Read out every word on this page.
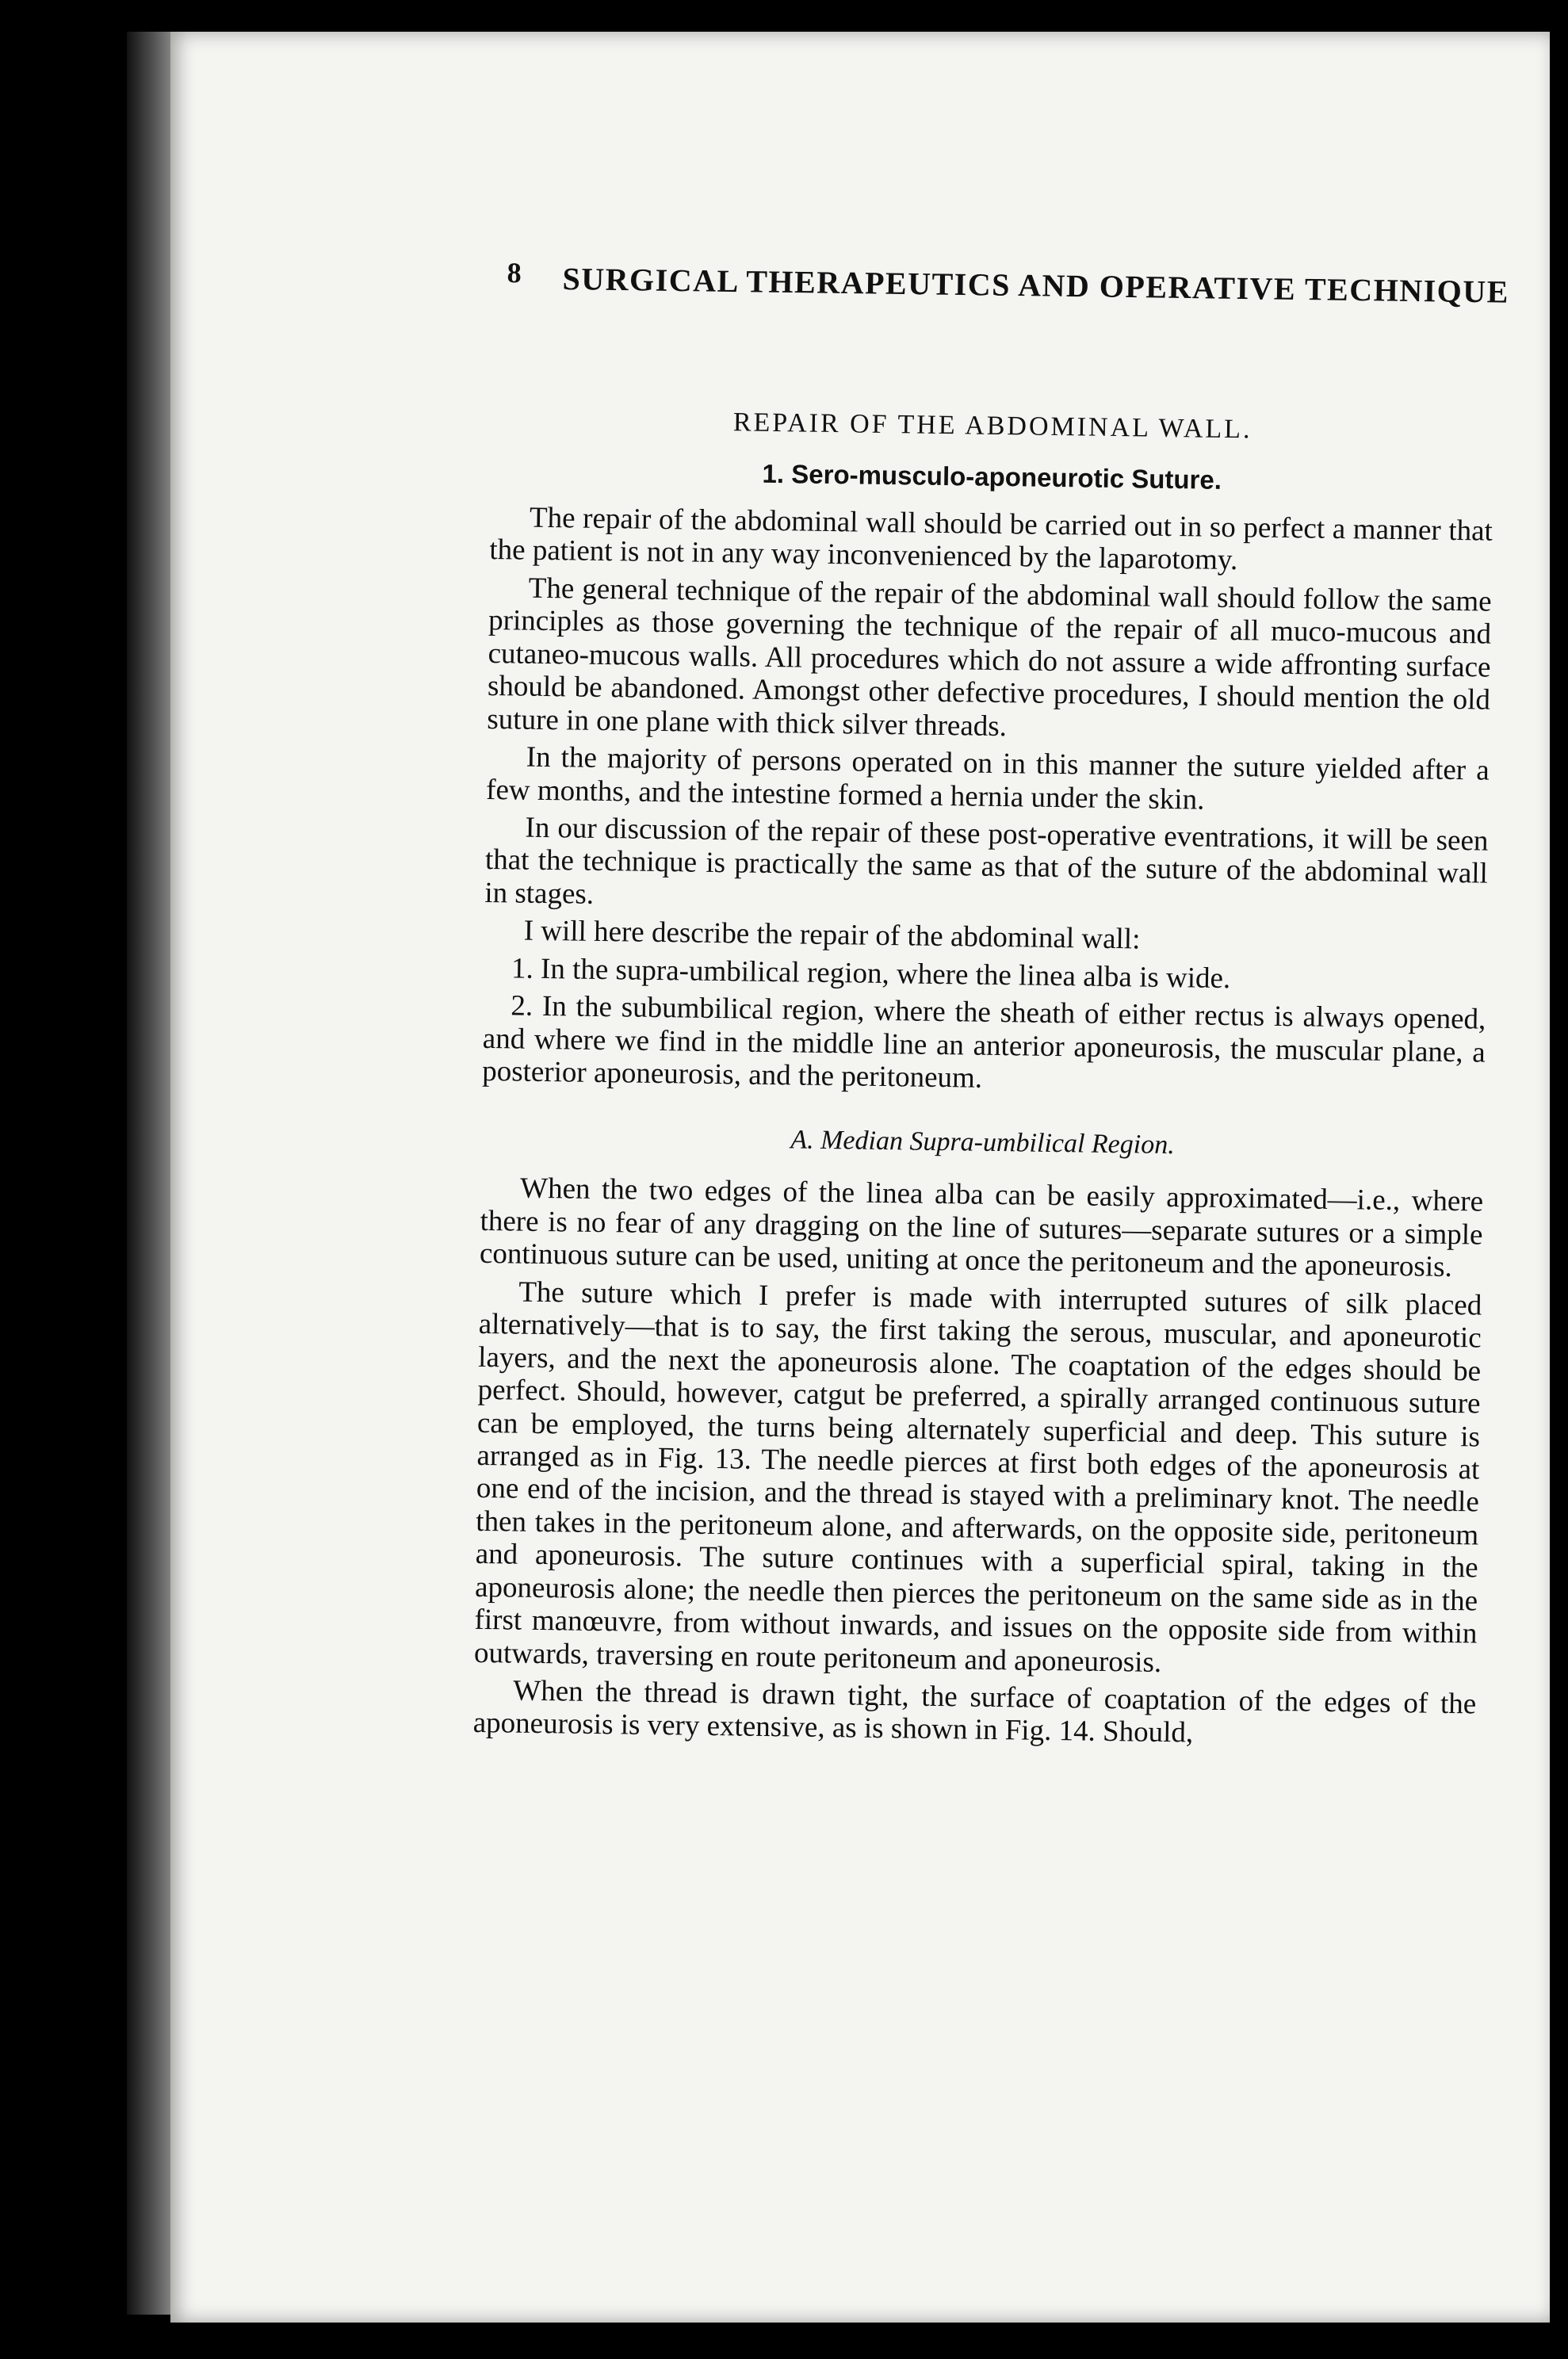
8 SURGICAL THERAPEUTICS AND OPERATIVE TECHNIQUE
REPAIR OF THE ABDOMINAL WALL.
1. Sero-musculo-aponeurotic Suture.

The repair of the abdominal wall should be carried out in so perfect a manner that the patient is not in any way inconvenienced by the laparotomy.

The general technique of the repair of the abdominal wall should follow the same principles as those governing the technique of the repair of all muco-mucous and cutaneo-mucous walls. All procedures which do not assure a wide affronting surface should be abandoned. Amongst other defective procedures, I should mention the old suture in one plane with thick silver threads.

In the majority of persons operated on in this manner the suture yielded after a few months, and the intestine formed a hernia under the skin.

In our discussion of the repair of these post-operative eventrations, it will be seen that the technique is practically the same as that of the suture of the abdominal wall in stages.

I will here describe the repair of the abdominal wall:

1. In the supra-umbilical region, where the linea alba is wide.

2. In the subumbilical region, where the sheath of either rectus is always opened, and where we find in the middle line an anterior aponeurosis, the muscular plane, a posterior aponeurosis, and the peritoneum.

A. Median Supra-umbilical Region.

When the two edges of the linea alba can be easily approximated—i.e., where there is no fear of any dragging on the line of sutures—separate sutures or a simple continuous suture can be used, uniting at once the peritoneum and the aponeurosis.

The suture which I prefer is made with interrupted sutures of silk placed alternatively—that is to say, the first taking the serous, muscular, and aponeurotic layers, and the next the aponeurosis alone. The coaptation of the edges should be perfect. Should, however, catgut be preferred, a spirally arranged continuous suture can be employed, the turns being alternately superficial and deep. This suture is arranged as in Fig. 13. The needle pierces at first both edges of the aponeurosis at one end of the incision, and the thread is stayed with a preliminary knot. The needle then takes in the peritoneum alone, and afterwards, on the opposite side, peritoneum and aponeurosis. The suture continues with a superficial spiral, taking in the aponeurosis alone; the needle then pierces the peritoneum on the same side as in the first manœuvre, from without inwards, and issues on the opposite side from within outwards, traversing en route peritoneum and aponeurosis.

When the thread is drawn tight, the surface of coaptation of the edges of the aponeurosis is very extensive, as is shown in Fig. 14. Should,
